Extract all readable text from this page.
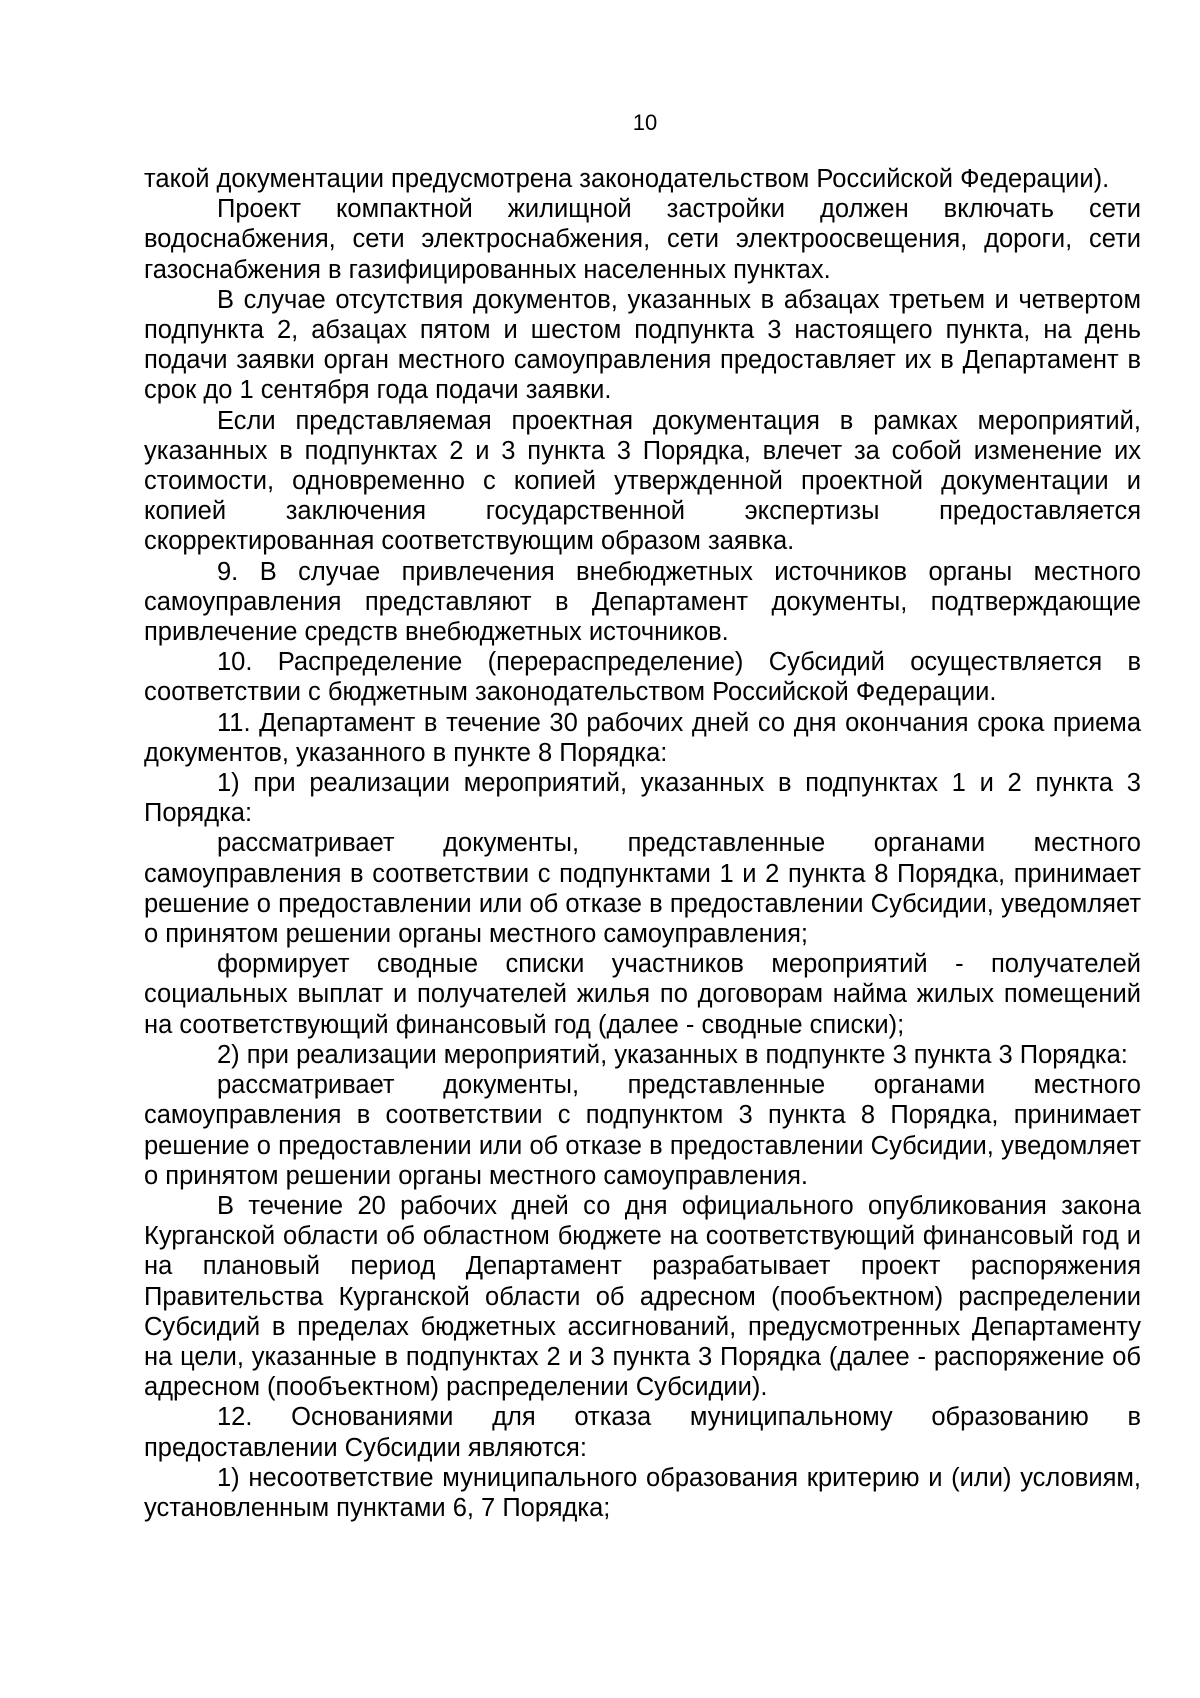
10

такой документации предусмотрена законодательством Российской Федерации).

Проект компактной жилищной застройки должен включать сети водоснабжения, сети электроснабжения, сети электроосвещения, дороги, сети газоснабжения в газифицированных населенных пунктах.

В случае отсутствия документов, указанных в абзацах третьем и четвертом подпункта 2, абзацах пятом и шестом подпункта 3 настоящего пункта, на день подачи заявки орган местного самоуправления предоставляет их в Департамент в срок до 1 сентября года подачи заявки.

Если представляемая проектная документация в рамках мероприятий, указанных в подпунктах 2 и 3 пункта 3 Порядка, влечет за собой изменение их стоимости, одновременно с копией утвержденной проектной документации и копией заключения государственной экспертизы предоставляется скорректированная соответствующим образом заявка.

9. В случае привлечения внебюджетных источников органы местного самоуправления представляют в Департамент документы, подтверждающие привлечение средств внебюджетных источников.

10. Распределение (перераспределение) Субсидий осуществляется в соответствии с бюджетным законодательством Российской Федерации.

11. Департамент в течение 30 рабочих дней со дня окончания срока приема документов, указанного в пункте 8 Порядка:

1) при реализации мероприятий, указанных в подпунктах 1 и 2 пункта 3 Порядка:

рассматривает документы, представленные органами местного самоуправления в соответствии с подпунктами 1 и 2 пункта 8 Порядка, принимает решение о предоставлении или об отказе в предоставлении Субсидии, уведомляет о принятом решении органы местного самоуправления;

формирует сводные списки участников мероприятий - получателей социальных выплат и получателей жилья по договорам найма жилых помещений на соответствующий финансовый год (далее - сводные списки);

2) при реализации мероприятий, указанных в подпункте 3 пункта 3 Порядка:

рассматривает документы, представленные органами местного самоуправления в соответствии с подпунктом 3 пункта 8 Порядка, принимает решение о предоставлении или об отказе в предоставлении Субсидии, уведомляет о принятом решении органы местного самоуправления.

В течение 20 рабочих дней со дня официального опубликования закона Курганской области об областном бюджете на соответствующий финансовый год и на плановый период Департамент разрабатывает проект распоряжения Правительства Курганской области об адресном (пообъектном) распределении Субсидий в пределах бюджетных ассигнований, предусмотренных Департаменту на цели, указанные в подпунктах 2 и 3 пункта 3 Порядка (далее - распоряжение об адресном (пообъектном) распределении Субсидии).

12. Основаниями для отказа муниципальному образованию в предоставлении Субсидии являются:

1) несоответствие муниципального образования критерию и (или) условиям, установленным пунктами 6, 7 Порядка;
